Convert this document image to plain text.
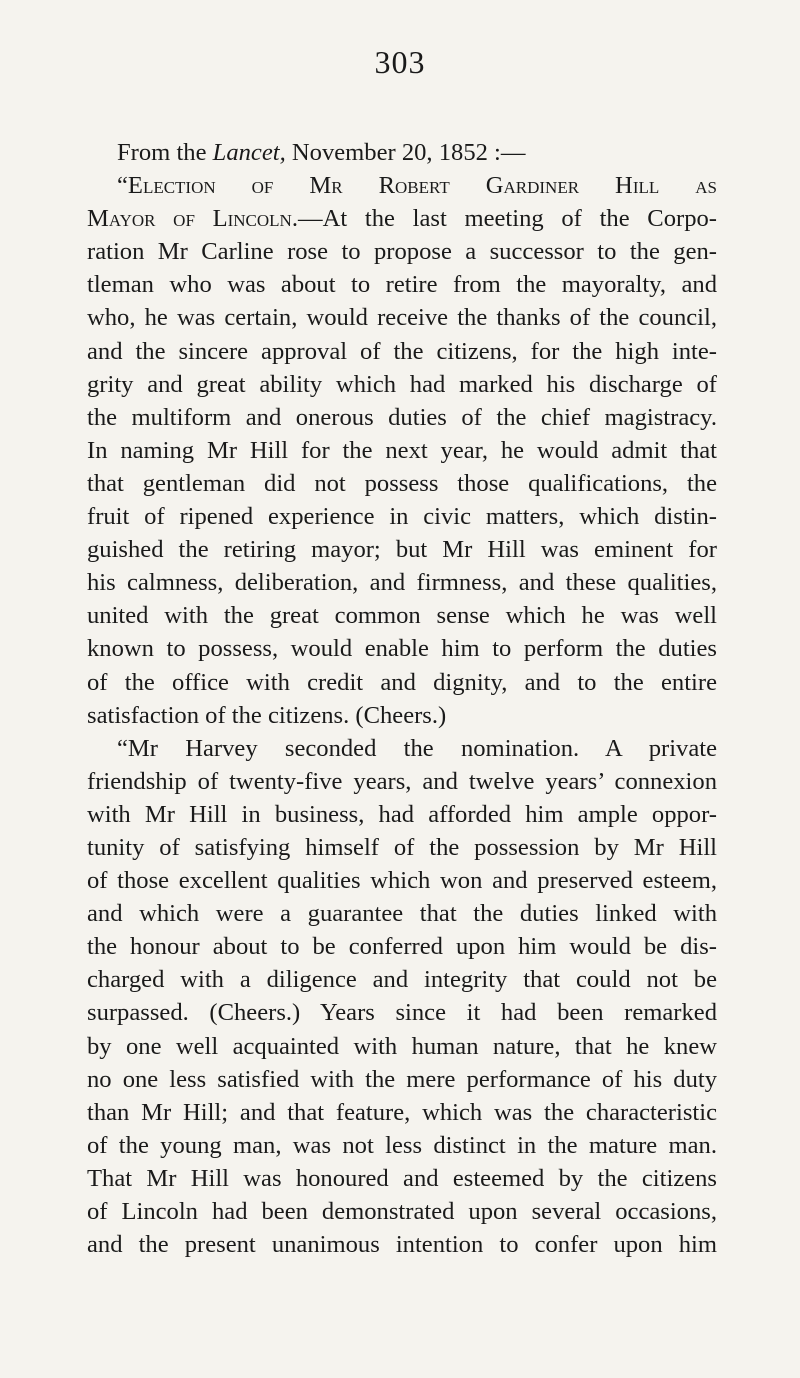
303
From the Lancet, November 20, 1852 :—
“Election of Mr Robert Gardiner Hill as
Mayor of Lincoln.—At the last meeting of the Corpo-
ration Mr Carline rose to propose a successor to the gen-
tleman who was about to retire from the mayoralty, and
who, he was certain, would receive the thanks of the council,
and the sincere approval of the citizens, for the high inte-
grity and great ability which had marked his discharge of
the multiform and onerous duties of the chief magistracy.
In naming Mr Hill for the next year, he would admit that
that gentleman did not possess those qualifications, the
fruit of ripened experience in civic matters, which distin-
guished the retiring mayor; but Mr Hill was eminent for
his calmness, deliberation, and firmness, and these qualities,
united with the great common sense which he was well
known to possess, would enable him to perform the duties
of the office with credit and dignity, and to the entire
satisfaction of the citizens. (Cheers.)
“Mr Harvey seconded the nomination. A private
friendship of twenty-five years, and twelve years’ connexion
with Mr Hill in business, had afforded him ample oppor-
tunity of satisfying himself of the possession by Mr Hill
of those excellent qualities which won and preserved esteem,
and which were a guarantee that the duties linked with
the honour about to be conferred upon him would be dis-
charged with a diligence and integrity that could not be
surpassed. (Cheers.) Years since it had been remarked
by one well acquainted with human nature, that he knew
no one less satisfied with the mere performance of his duty
than Mr Hill; and that feature, which was the characteristic
of the young man, was not less distinct in the mature man.
That Mr Hill was honoured and esteemed by the citizens
of Lincoln had been demonstrated upon several occasions,
and the present unanimous intention to confer upon him
